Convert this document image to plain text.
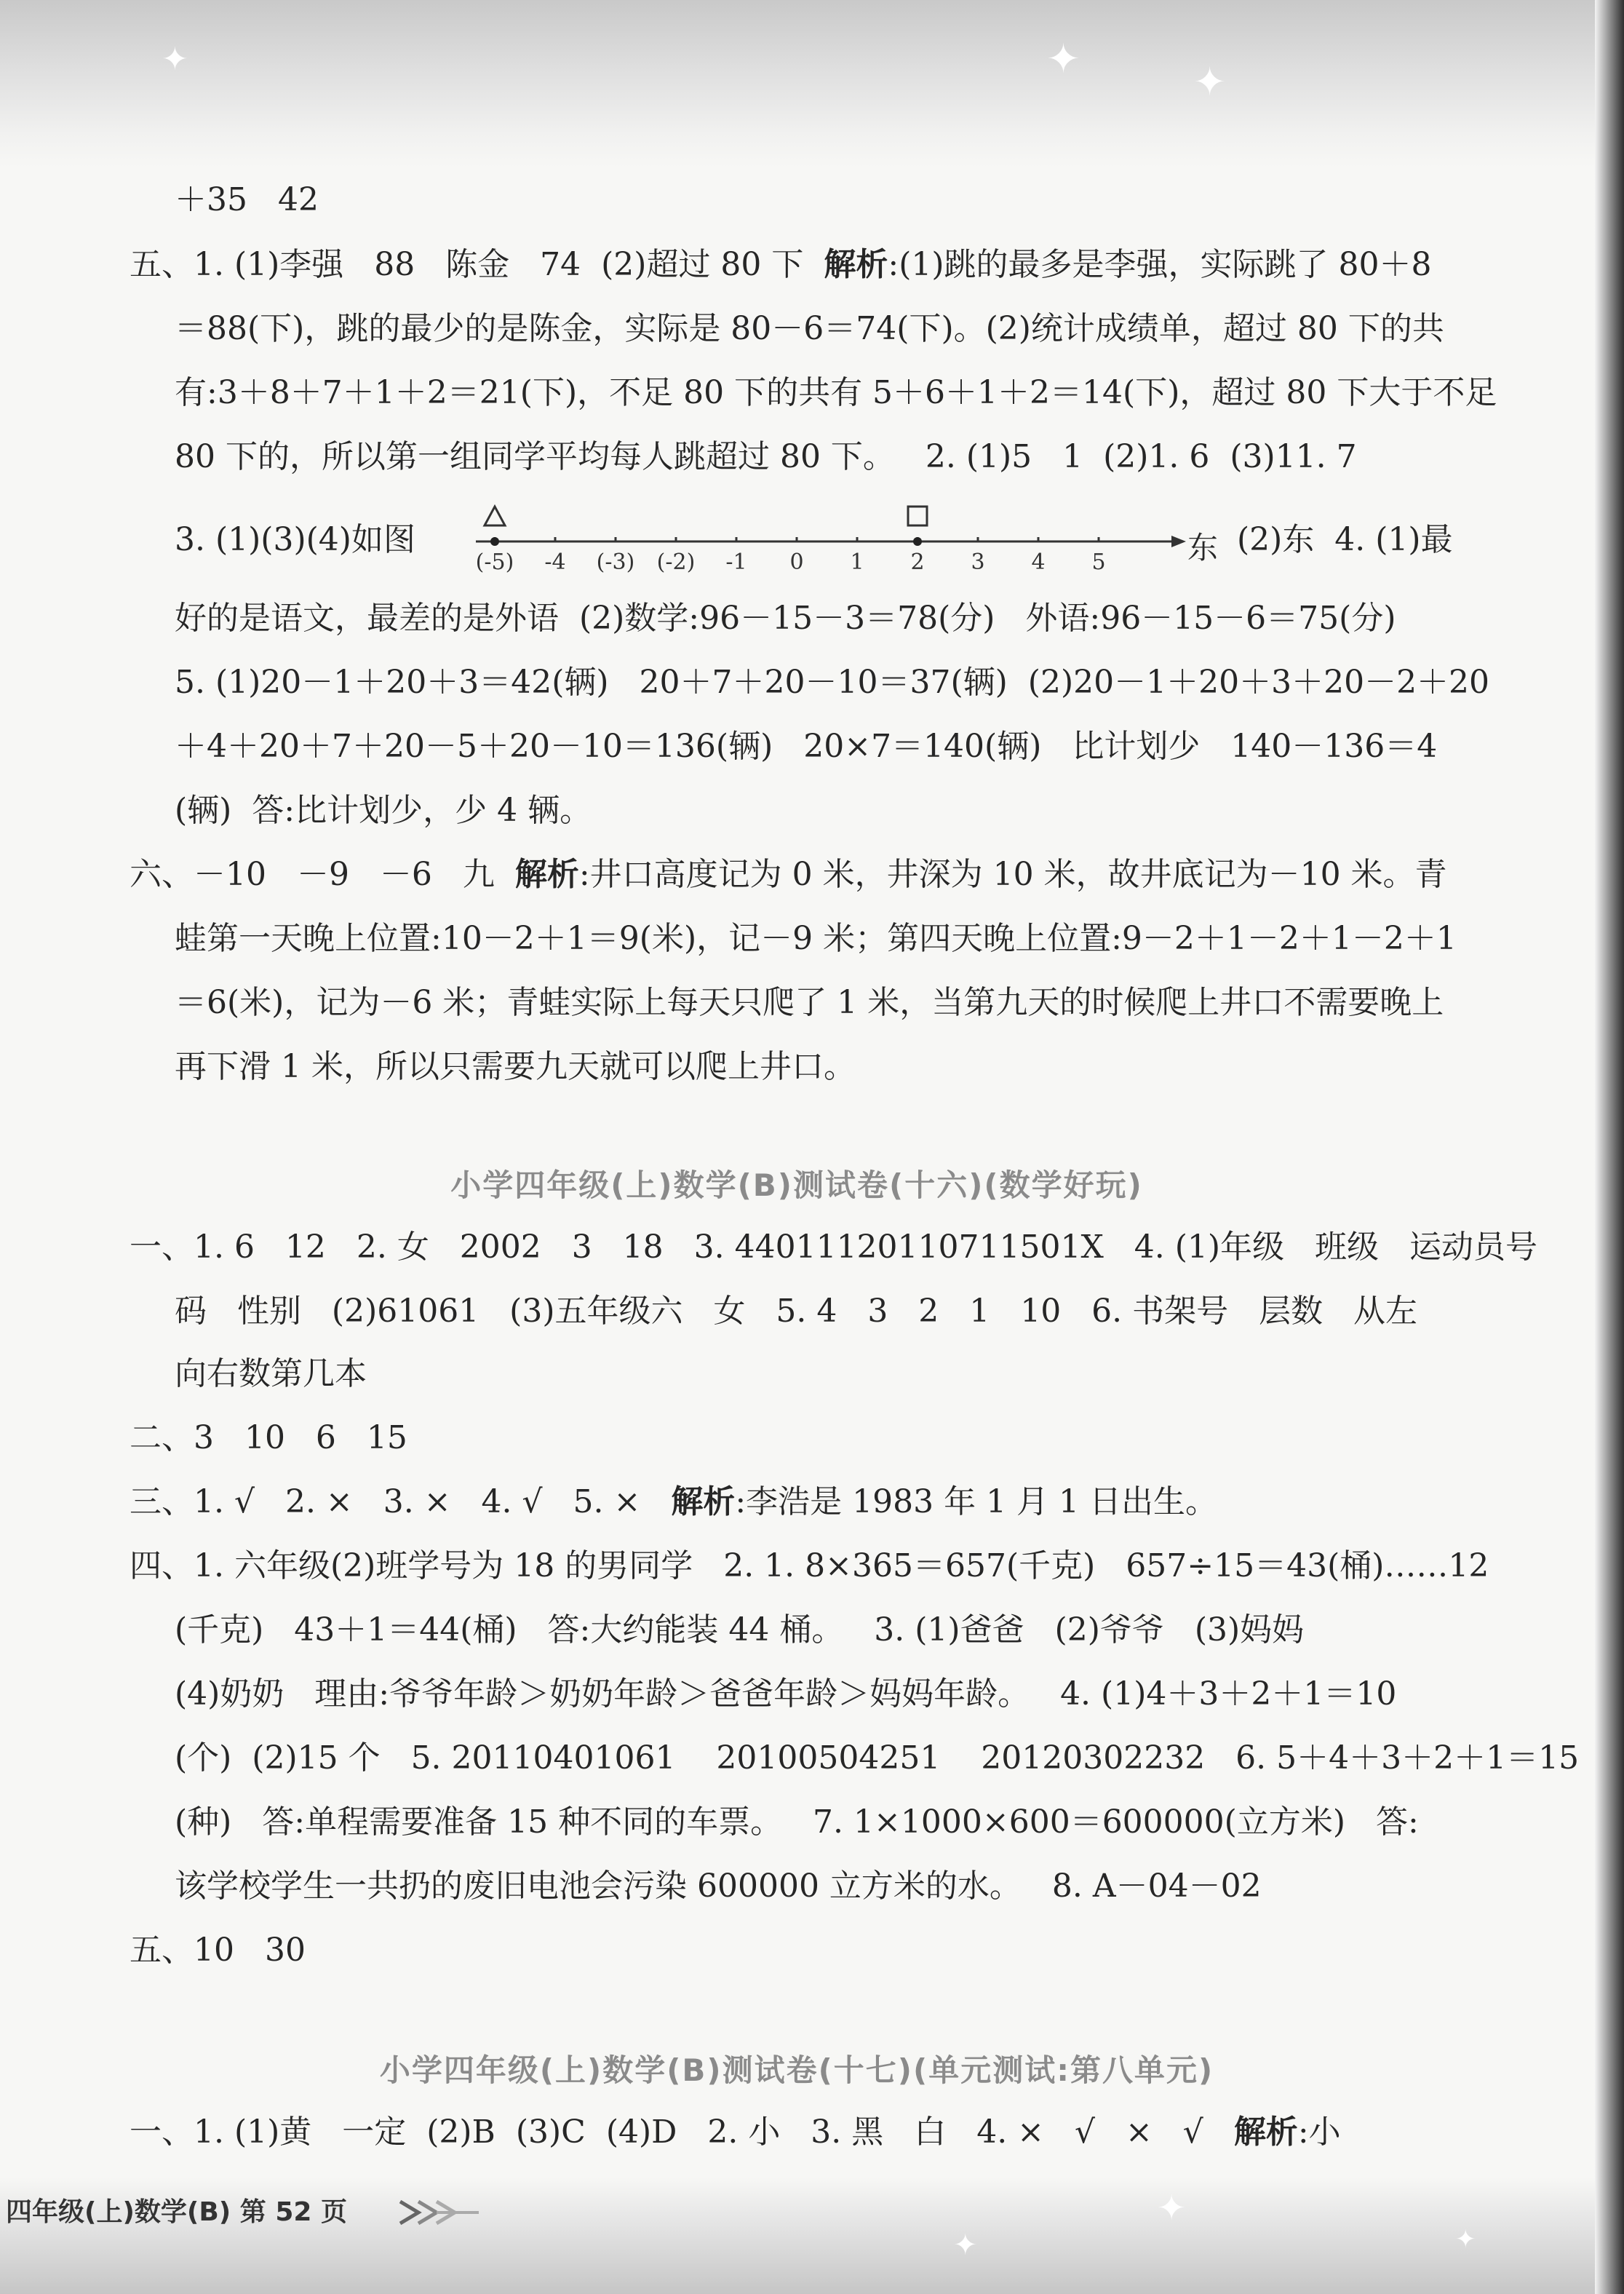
✦	✦	✦
✦
✦
✦
＋35   42
五、1. (1)李强   88   陈金   74  (2)超过 80 下  解析:(1)跳的最多是李强，实际跳了 80＋8
＝88(下)，跳的最少的是陈金，实际是 80－6＝74(下)。(2)统计成绩单，超过 80 下的共
有:3＋8＋7＋1＋2＝21(下)，不足 80 下的共有 5＋6＋1＋2＝14(下)，超过 80 下大于不足
80 下的，所以第一组同学平均每人跳超过 80 下。   2. (1)5   1  (2)1. 6  (3)11. 7
3. (1)(3)(4)如图
(-5) -4 (-3) (-2) -1 0 1 2 3 4 5	东 (2)东  4. (1)最
好的是语文，最差的是外语  (2)数学:96－15－3＝78(分)   外语:96－15－6＝75(分)
5. (1)20－1＋20＋3＝42(辆)   20＋7＋20－10＝37(辆)  (2)20－1＋20＋3＋20－2＋20
＋4＋20＋7＋20－5＋20－10＝136(辆)   20×7＝140(辆)   比计划少   140－136＝4
(辆)  答:比计划少，少 4 辆。
六、－10   －9   －6   九  解析:井口高度记为 0 米，井深为 10 米，故井底记为－10 米。青
蛙第一天晚上位置:10－2＋1＝9(米)，记－9 米；第四天晚上位置:9－2＋1－2＋1－2＋1
＝6(米)，记为－6 米；青蛙实际上每天只爬了 1 米，当第九天的时候爬上井口不需要晚上
再下滑 1 米，所以只需要九天就可以爬上井口。
小学四年级(上)数学(B)测试卷(十六)(数学好玩)
一、1. 6   12   2. 女   2002   3   18   3. 44011120110711501X   4. (1)年级   班级   运动员号
码   性别   (2)61061   (3)五年级六   女   5. 4   3   2   1   10   6. 书架号   层数   从左
向右数第几本
二、3   10   6   15
三、1. √   2. ×   3. ×   4. √   5. ×   解析:李浩是 1983 年 1 月 1 日出生。
四、1. 六年级(2)班学号为 18 的男同学   2. 1. 8×365＝657(千克)   657÷15＝43(桶)……12
(千克)   43＋1＝44(桶)   答:大约能装 44 桶。   3. (1)爸爸   (2)爷爷   (3)妈妈
(4)奶奶   理由:爷爷年龄＞奶奶年龄＞爸爸年龄＞妈妈年龄。   4. (1)4＋3＋2＋1＝10
(个)  (2)15 个   5. 20110401061    20100504251    20120302232   6. 5＋4＋3＋2＋1＝15
(种)   答:单程需要准备 15 种不同的车票。   7. 1×1000×600＝600000(立方米)   答:
该学校学生一共扔的废旧电池会污染 600000 立方米的水。   8. A－04－02
五、10   30
小学四年级(上)数学(B)测试卷(十七)(单元测试:第八单元)
一、1. (1)黄   一定  (2)B  (3)C  (4)D   2. 小   3. 黑   白   4. ×   √   ×   √   解析:小
四年级(上)数学(B) 第 52 页
